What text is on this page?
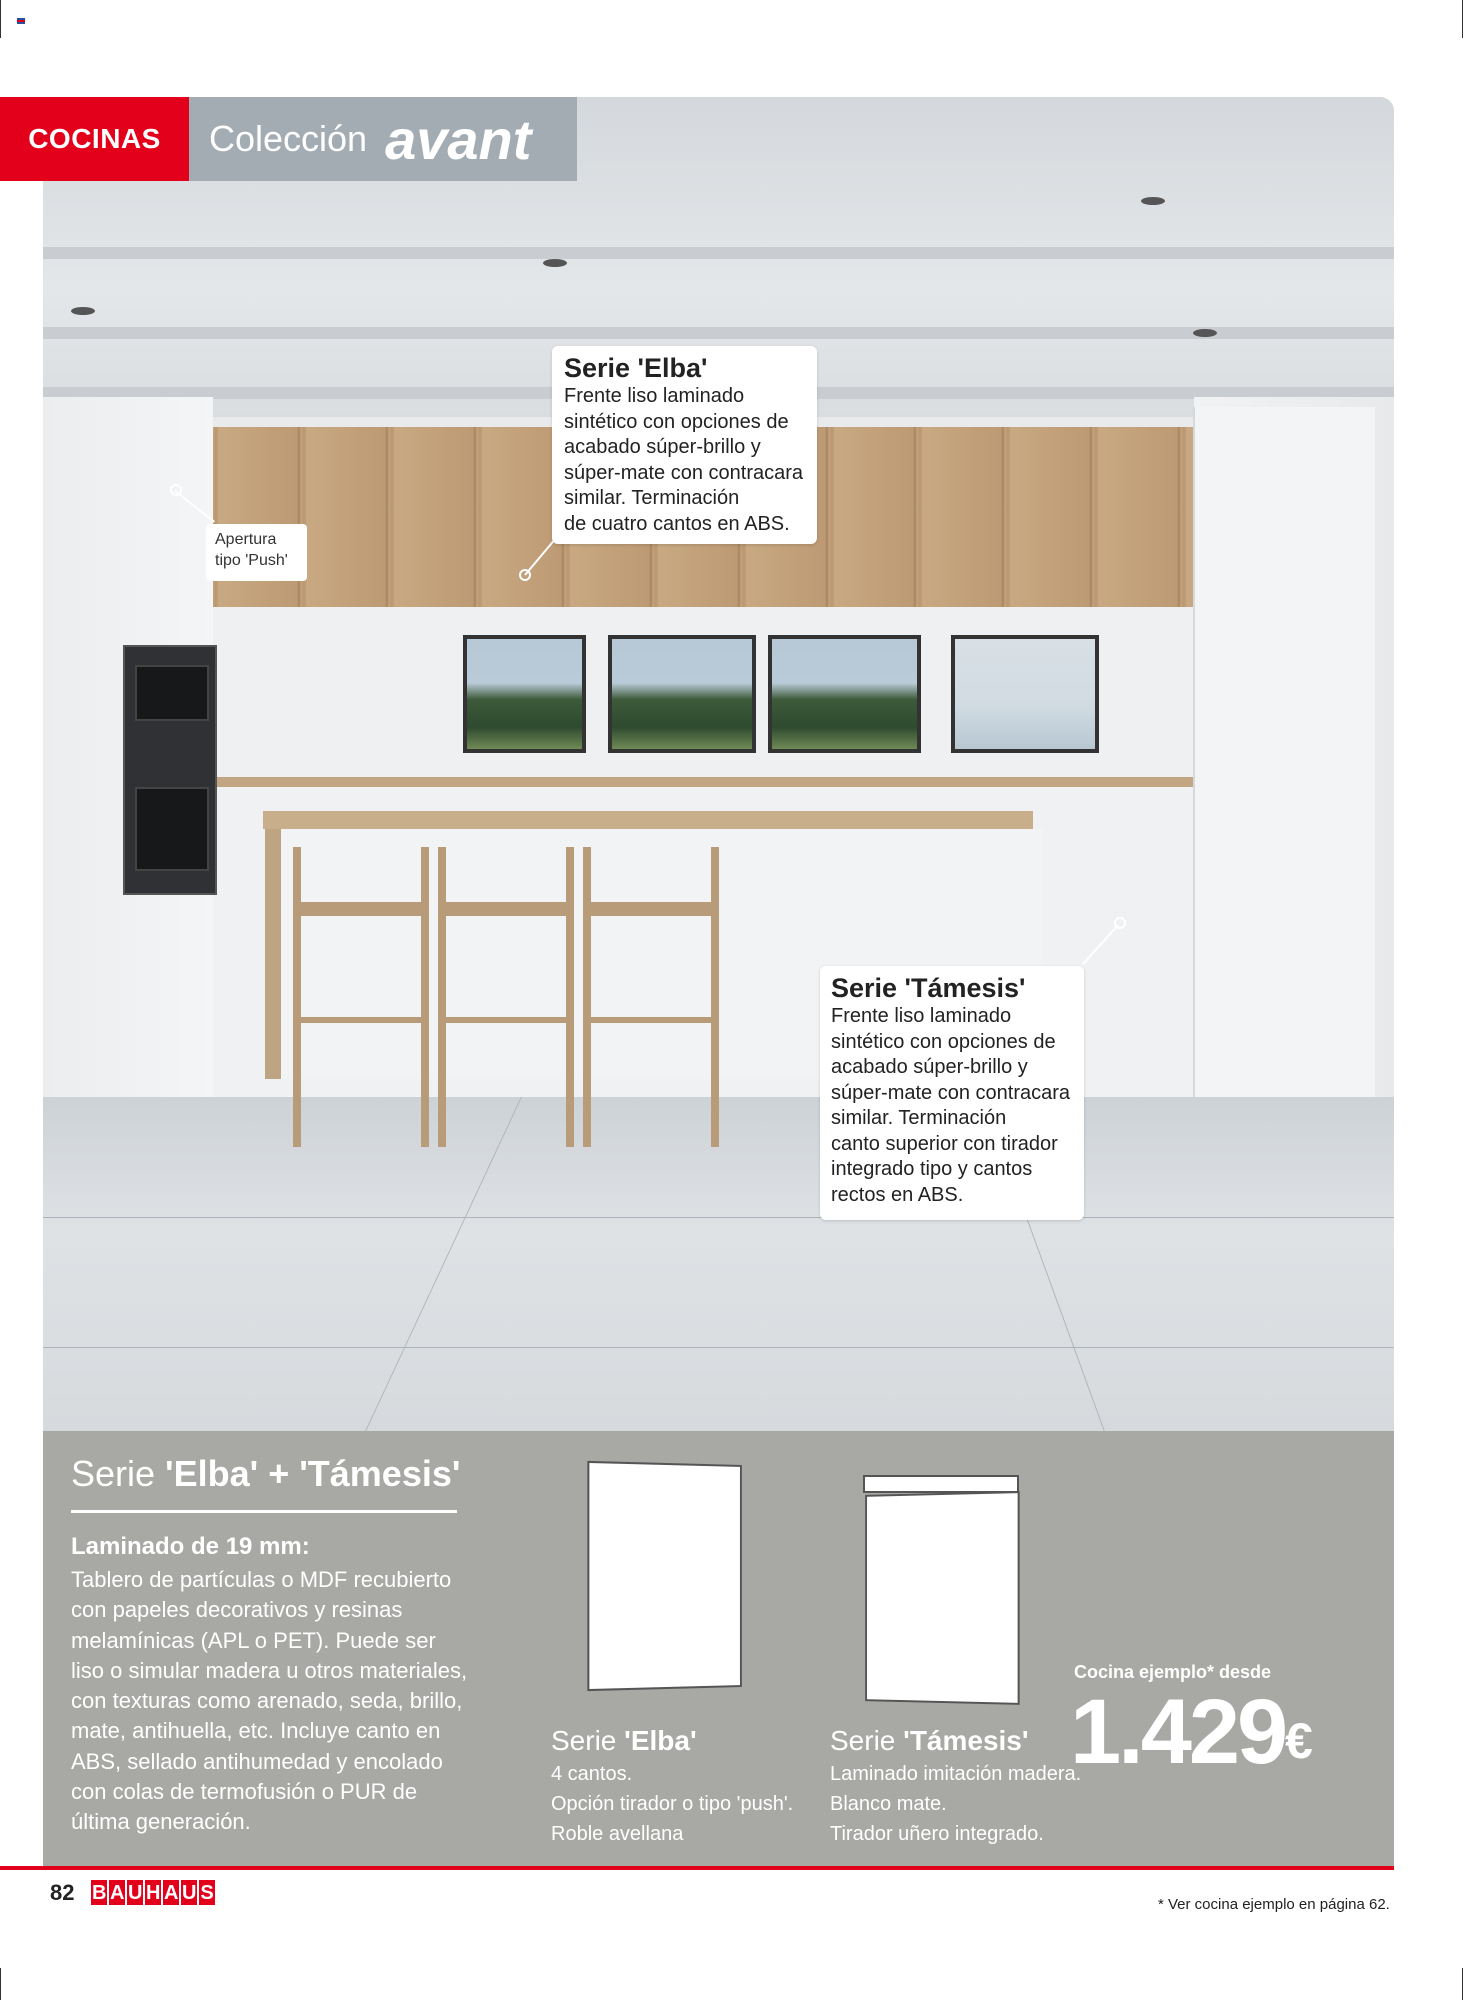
COCINAS Colección avant
Apertura
tipo 'Push'
Serie 'Elba'
Frente liso laminado
sintético con opciones de
acabado súper-brillo y
súper-mate con contracara
similar. Terminación
de cuatro cantos en ABS.
Serie 'Támesis'
Frente liso laminado
sintético con opciones de
acabado súper-brillo y
súper-mate con contracara
similar. Terminación
canto superior con tirador
integrado tipo y cantos
rectos en ABS.
Serie 'Elba' + 'Támesis'
Laminado de 19 mm:
Tablero de partículas o MDF recubierto con papeles decorativos y resinas melamínicas (APL o PET). Puede ser liso o simular madera u otros materiales, con texturas como arenado, seda, brillo, mate, antihuella, etc. Incluye canto en ABS, sellado antihumedad y encolado con colas de termofusión o PUR de última generación.
Serie 'Elba'
4 cantos.
Opción tirador o tipo 'push'.
Roble avellana
Serie 'Támesis'
Laminado imitación madera.
Blanco mate.
Tirador uñero integrado.
Cocina ejemplo* desde
1.429 €
82 B A U H A U S
* Ver cocina ejemplo en página 62.
